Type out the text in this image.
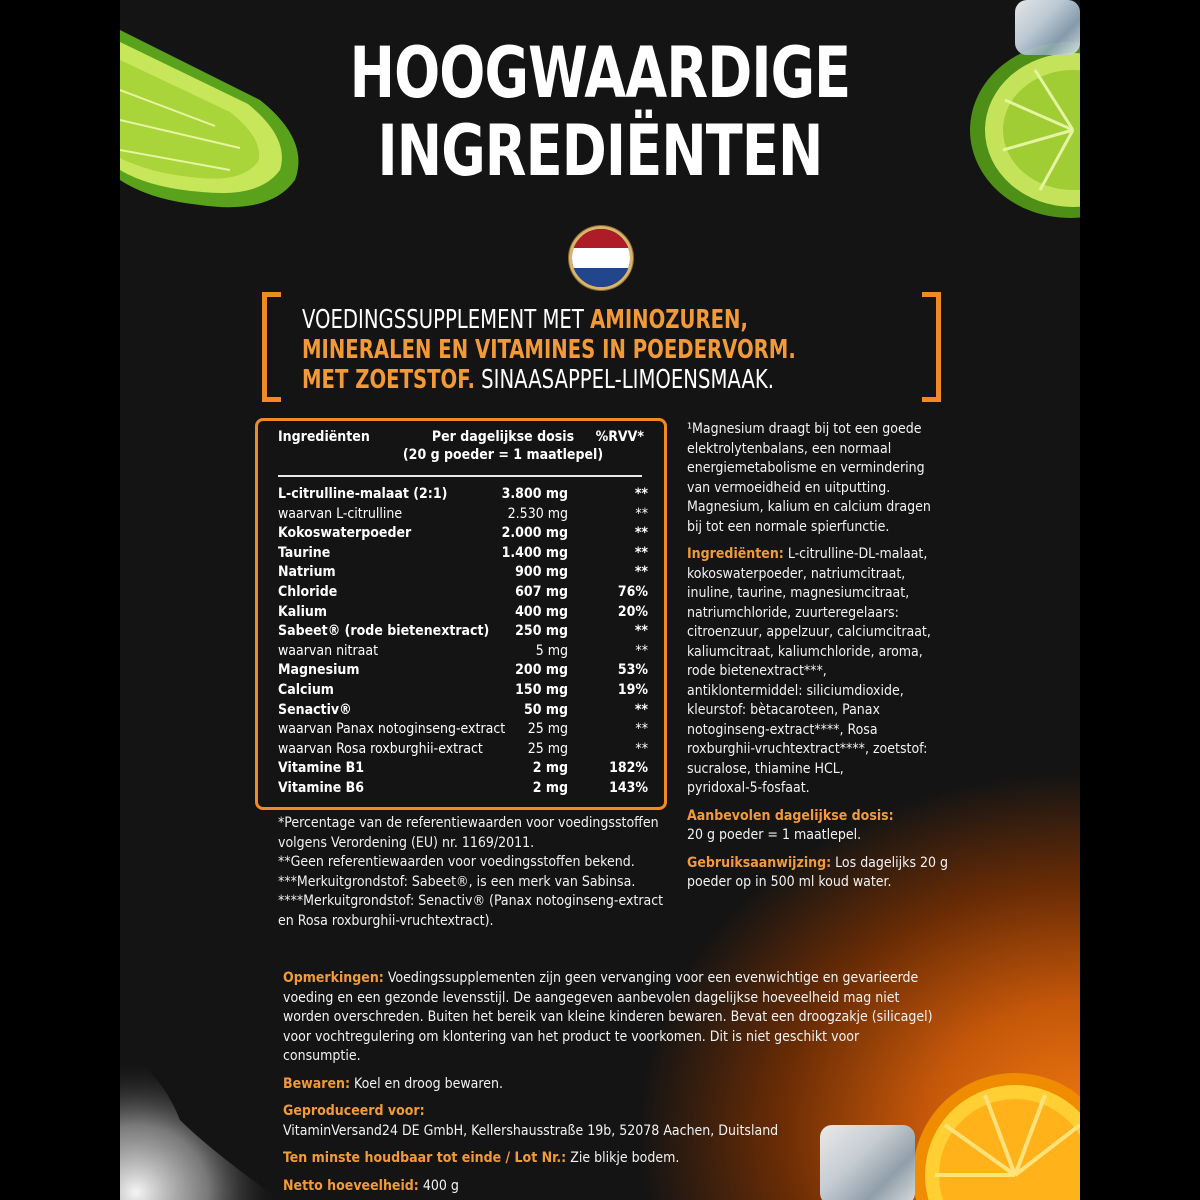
HOOGWAARDIGE
INGREDIËNTEN
VOEDINGSSUPPLEMENT MET AMINOZUREN,
MINERALEN EN VITAMINES IN POEDERVORM.
MET ZOETSTOF. SINAASAPPEL-LIMOENSMAAK.
Ingrediënten	Per dagelijkse dosis
(20 g poeder = 1 maatlepel)
%RVV*
L-citrulline-malaat (2:1)	3.800 mg	**
waarvan L-citrulline	2.530 mg	**
Kokoswaterpoeder	2.000 mg	**
Taurine	1.400 mg	**
Natrium	900 mg	**
Chloride	607 mg	76%
Kalium	400 mg	20%
Sabeet® (rode bietenextract) 250 mg	**
waarvan nitraat	5 mg	**
Magnesium	200 mg	53%
Calcium	150 mg	19%
Senactiv®	50 mg	**
waarvan Panax notoginseng-extract 25 mg	**
waarvan Rosa roxburghii-extract	25 mg	**
Vitamine B1	2 mg	182%
Vitamine B6	2 mg	143%
*Percentage van de referentiewaarden voor voedingsstoffen
volgens Verordening (EU) nr. 1169/2011.
**Geen referentiewaarden voor voedingsstoffen bekend.
***Merkuitgrondstof: Sabeet®, is een merk van Sabinsa.
****Merkuitgrondstof: Senactiv® (Panax notoginseng-extract
en Rosa roxburghii-vruchtextract).
¹Magnesium draagt bij tot een goede
elektrolytenbalans, een normaal
energiemetabolisme en vermindering
van vermoeidheid en uitputting.
Magnesium, kalium en calcium dragen
bij tot een normale spierfunctie.
Ingrediënten: L-citrulline-DL-malaat,
kokoswaterpoeder, natriumcitraat,
inuline, taurine, magnesiumcitraat,
natriumchloride, zuurteregelaars:
citroenzuur, appelzuur, calciumcitraat,
kaliumcitraat, kaliumchloride, aroma,
rode bietenextract***,
antiklontermiddel: siliciumdioxide,
kleurstof: bètacaroteen, Panax
notoginseng-extract****, Rosa
roxburghii-vruchtextract****, zoetstof:
sucralose, thiamine HCL,
pyridoxal-5-fosfaat.
Aanbevolen dagelijkse dosis:
20 g poeder = 1 maatlepel.
Gebruiksaanwijzing: Los dagelijks 20 g
poeder op in 500 ml koud water.
Opmerkingen: Voedingssupplementen zijn geen vervanging voor een evenwichtige en gevarieerde
voeding en een gezonde levensstijl. De aangegeven aanbevolen dagelijkse hoeveelheid mag niet
worden overschreden. Buiten het bereik van kleine kinderen bewaren. Bevat een droogzakje (silicagel)
voor vochtregulering om klontering van het product te voorkomen. Dit is niet geschikt voor
consumptie.
Bewaren: Koel en droog bewaren.
Geproduceerd voor:
VitaminVersand24 DE GmbH, Kellershausstraße 19b, 52078 Aachen, Duitsland
Ten minste houdbaar tot einde / Lot Nr.: Zie blikje bodem.
Netto hoeveelheid: 400 g
